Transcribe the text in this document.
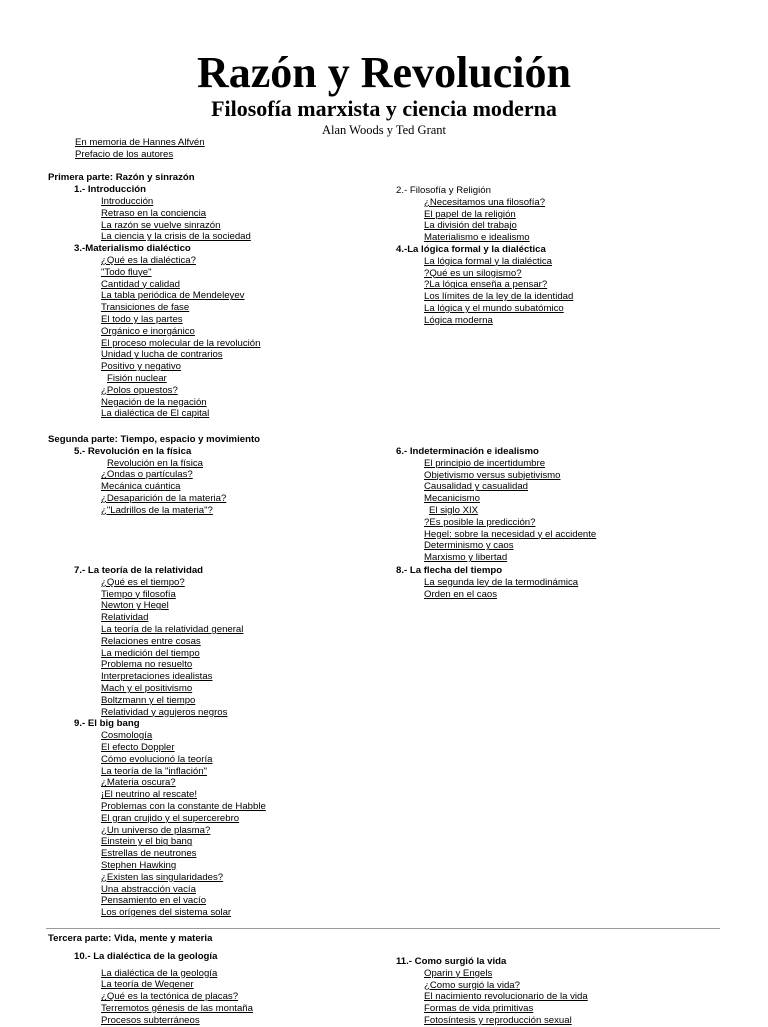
Razón y Revolución
Filosofía marxista y ciencia moderna
Alan Woods y Ted Grant
En memoria de Hannes Alfvén
Prefacio de los autores
Primera parte: Razón y sinrazón
1.- Introducción
Introducción
Retraso en la conciencia
La razón se vuelve sinrazón
La ciencia y la crisis de la sociedad
3.-Materialismo dialéctico
¿Qué es la dialéctica?
"Todo fluye"
Cantidad y calidad
La tabla periódica de Mendeleyev
Transiciones de fase
El todo y las partes
Orgánico e inorgánico
El proceso molecular de la revolución
Unidad y lucha de contrarios
Positivo y negativo
Fisión nuclear
¿Polos opuestos?
Negación de la negación
La dialéctica de El capital
Segunda parte: Tiempo, espacio y movimiento
5.- Revolución en la física
Revolución en la física
¿Ondas o partículas?
Mecánica cuántica
¿Desaparición de la materia?
¿"Ladrillos de la materia"?
7.- La teoría de la relatividad
¿Qué es el tiempo?
Tiempo y filosofía
Newton y Hegel
Relatividad
La teoría de la relatividad general
Relaciones entre cosas
La medición del tiempo
Problema no resuelto
Interpretaciones idealistas
Mach y el positivismo
Boltzmann y el tiempo
Relatividad y agujeros negros
9.- El big bang
Cosmología
El efecto Doppler
Cómo evolucionó la teoría
La teoría de la "inflación"
¿Materia oscura?
¡El neutrino al rescate!
Problemas con la constante de Habble
El gran crujido y el supercerebro
¿Un universo de plasma?
Einstein y el big bang
Estrellas de neutrones
Stephen Hawking
¿Existen las singularidades?
Una abstracción vacía
Pensamiento en el vacío
Los orígenes del sistema solar
Tercera parte: Vida, mente y materia
10.- La dialéctica de la geología
La dialéctica de la geología
La teoría de Wegener
¿Qué es la tectónica de placas?
Terremotos génesis de las montaña
Procesos subterráneos
2.- Filosofía y Religión
¿Necesitamos una filosofía?
El papel de la religión
La división del trabajo
Materialismo e idealismo
4.-La lógica formal y la dialéctica
La lógica formal y la dialéctica
?Qué es un silogismo?
?La lógica enseña a pensar?
Los límites de la ley de la identidad
La lógica y el mundo subatómico
Lógica moderna
6.- Indeterminación e idealismo
El principio de incertidumbre
Objetivismo versus subjetivismo
Causalidad y casualidad
Mecanicismo
El siglo XIX
?Es posible la predicción?
Hegel: sobre la necesidad y el accidente
Determinismo y caos
Marxismo y libertad
8.- La flecha del tiempo
La segunda ley de la termodinámica
Orden en el caos
11.- Como surgió la vida
Oparin y Engels
¿Como surgió la vida?
El nacimiento revolucionario de la vida
Formas de vida primitivas
Fotosíntesis y reproducción sexual
